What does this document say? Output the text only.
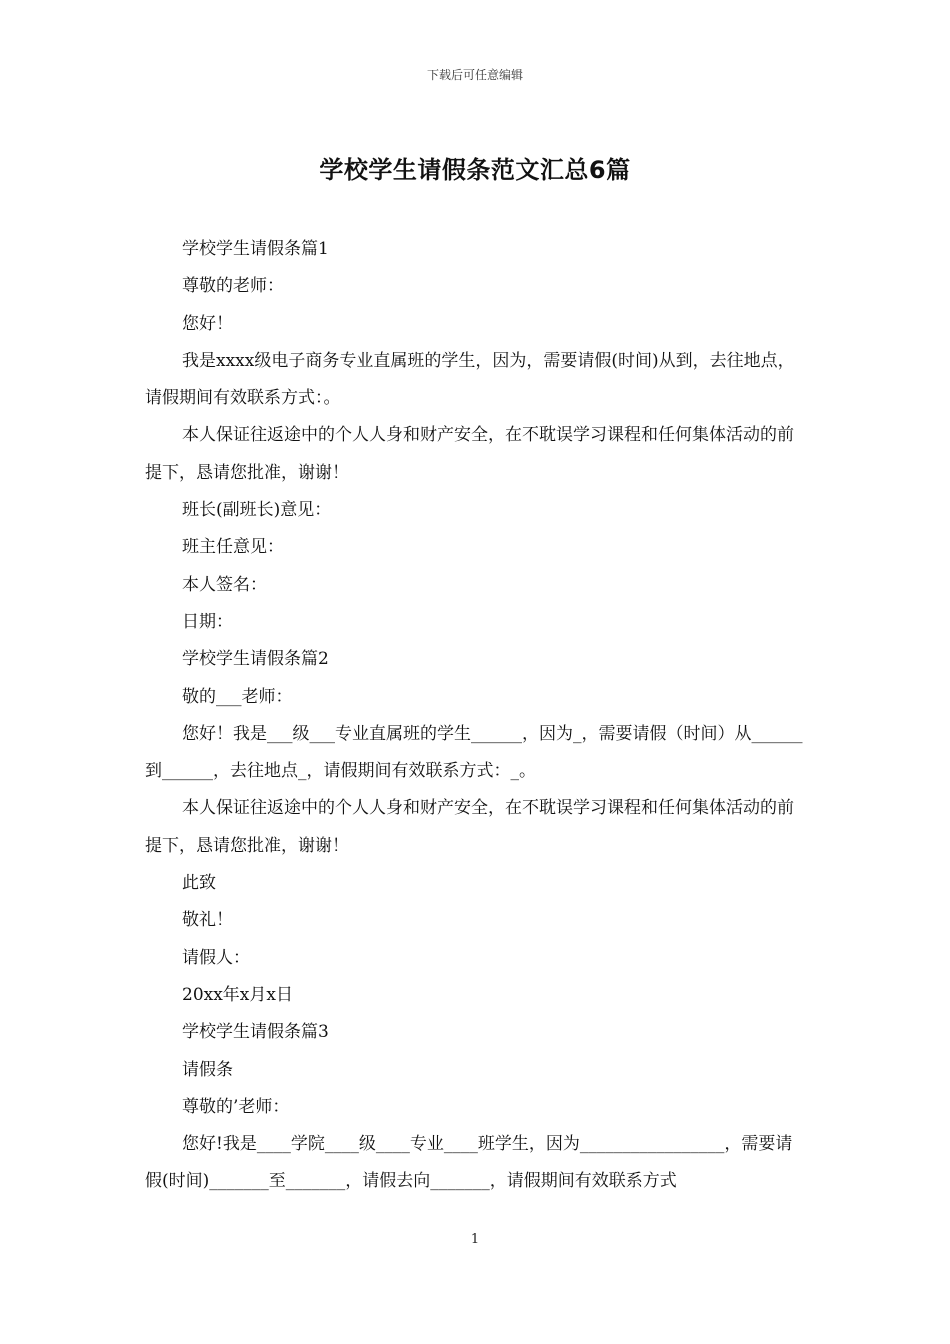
下载后可任意编辑
学校学生请假条范文汇总6篇

学校学生请假条篇1

尊敬的老师：

您好！

我是xxxx级电子商务专业直属班的学生，因为，需要请假(时间)从到，去往地点，请假期间有效联系方式：。

本人保证往返途中的个人人身和财产安全，在不耽误学习课程和任何集体活动的前提下，恳请您批准，谢谢！

班长(副班长)意见：

班主任意见：

本人签名：

日期：

学校学生请假条篇2

敬的___老师：

您好！我是___级___专业直属班的学生______，因为_，需要请假（时间）从______到______，去往地点_，请假期间有效联系方式：_。

本人保证往返途中的个人人身和财产安全，在不耽误学习课程和任何集体活动的前提下，恳请您批准，谢谢！

此致

敬礼！

请假人：

20xx年x月x日

学校学生请假条篇3

请假条

尊敬的’老师：

您好!我是____学院____级____专业____班学生，因为_________________，需要请假(时间)_______至_______，请假去向_______，请假期间有效联系方式

1
